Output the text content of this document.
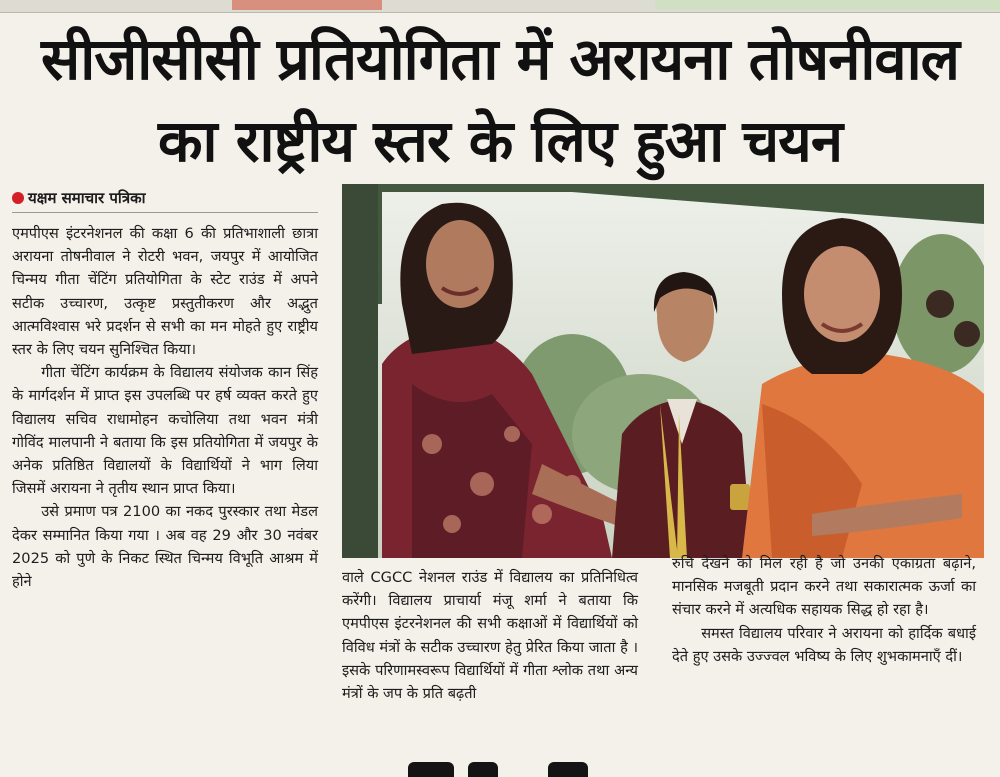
सीजीसीसी प्रतियोगिता में अरायना तोषनीवाल
का राष्ट्रीय स्तर के लिए हुआ चयन
यक्षम समाचार पत्रिका

एमपीएस इंटरनेशनल की कक्षा 6 की प्रतिभाशाली छात्रा अरायना तोषनीवाल ने रोटरी भवन, जयपुर में आयोजित चिन्मय गीता चेंटिंग प्रतियोगिता के स्टेट राउंड में अपने सटीक उच्चारण, उत्कृष्ट प्रस्तुतीकरण और अद्भुत आत्मविश्वास भरे प्रदर्शन से सभी का मन मोहते हुए राष्ट्रीय स्तर के लिए चयन सुनिश्चित किया।

गीता चेंटिंग कार्यक्रम के विद्यालय संयोजक कान सिंह के मार्गदर्शन में प्राप्त इस उपलब्धि पर हर्ष व्यक्त करते हुए विद्यालय सचिव राधामोहन कचोलिया तथा भवन मंत्री गोविंद मालपानी ने बताया कि इस प्रतियोगिता में जयपुर के अनेक प्रतिष्ठित विद्यालयों के विद्यार्थियों ने भाग लिया जिसमें अरायना ने तृतीय स्थान प्राप्त किया।

उसे प्रमाण पत्र 2100 का नकद पुरस्कार तथा मेडल देकर सम्मानित किया गया । अब वह 29 और 30 नवंबर 2025 को पुणे के निकट स्थित चिन्मय विभूति आश्रम में होने	वाले CGCC नेशनल राउंड में विद्यालय का प्रतिनिधित्व करेंगी। विद्यालय प्राचार्या मंजू शर्मा ने बताया कि एमपीएस इंटरनेशनल की सभी कक्षाओं में विद्यार्थियों को विविध मंत्रों के सटीक उच्चारण हेतु प्रेरित किया जाता है । इसके परिणामस्वरूप विद्यार्थियों में गीता श्लोक तथा अन्य मंत्रों के जप के प्रति बढ़ती

रुचि देखने को मिल रही है जो उनकी एकाग्रता बढ़ाने, मानसिक मजबूती प्रदान करने तथा सकारात्मक ऊर्जा का संचार करने में अत्यधिक सहायक सिद्ध हो रहा है।

समस्त विद्यालय परिवार ने अरायना को हार्दिक बधाई देते हुए उसके उज्ज्वल भविष्य के लिए शुभकामनाएँ दीं।
